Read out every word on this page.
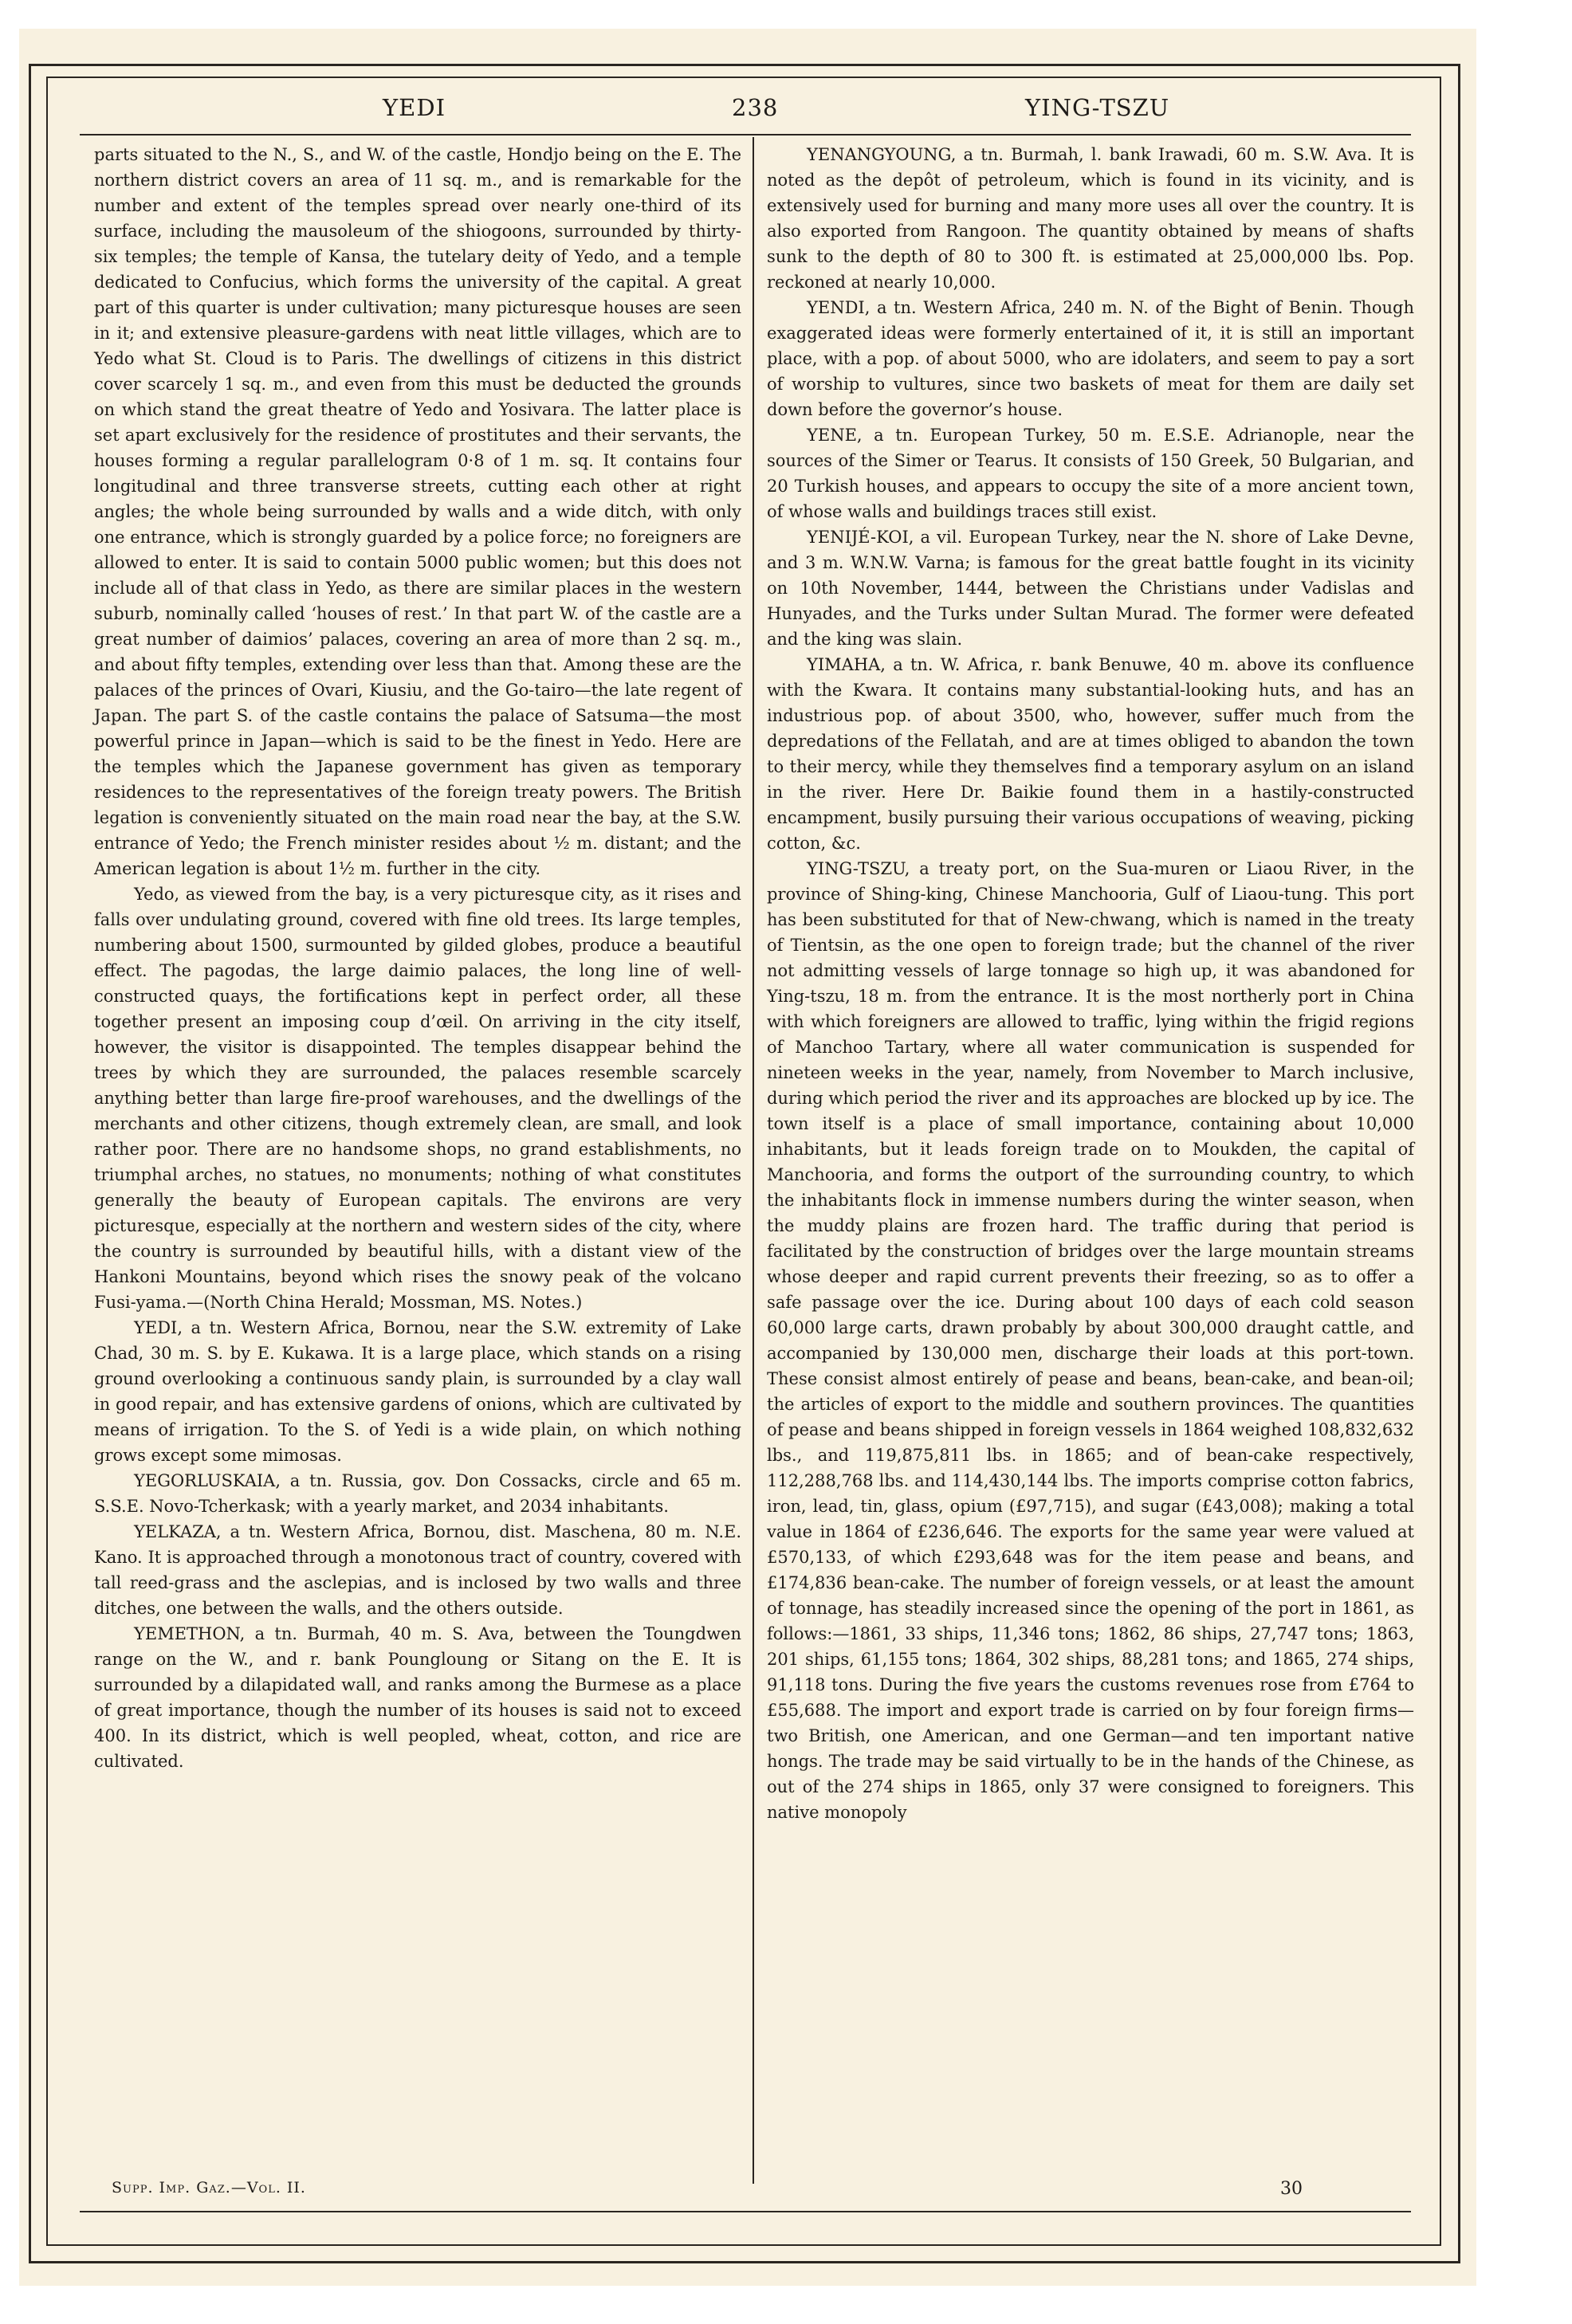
YEDI	238	YING-TSZU

parts situated to the N., S., and W. of the castle, Hondjo being on the E. The northern district covers an area of 11 sq. m., and is remarkable for the number and extent of the temples spread over nearly one-third of its surface, including the mausoleum of the shiogoons, surrounded by thirty-six temples; the temple of Kansa, the tutelary deity of Yedo, and a temple dedicated to Confucius, which forms the university of the capital. A great part of this quarter is under cultivation; many picturesque houses are seen in it; and extensive pleasure-gardens with neat little villages, which are to Yedo what St. Cloud is to Paris. The dwellings of citizens in this district cover scarcely 1 sq. m., and even from this must be deducted the grounds on which stand the great theatre of Yedo and Yosivara. The latter place is set apart exclusively for the residence of prostitutes and their servants, the houses forming a regular parallelogram 0·8 of 1 m. sq. It contains four longitudinal and three transverse streets, cutting each other at right angles; the whole being surrounded by walls and a wide ditch, with only one entrance, which is strongly guarded by a police force; no foreigners are allowed to enter. It is said to contain 5000 public women; but this does not include all of that class in Yedo, as there are similar places in the western suburb, nominally called ‘houses of rest.’ In that part W. of the castle are a great number of daimios’ palaces, covering an area of more than 2 sq. m., and about fifty temples, extending over less than that. Among these are the palaces of the princes of Ovari, Kiusiu, and the Go-tairo—the late regent of Japan. The part S. of the castle contains the palace of Satsuma—the most powerful prince in Japan—which is said to be the finest in Yedo. Here are the temples which the Japanese government has given as temporary residences to the representatives of the foreign treaty powers. The British legation is conveniently situated on the main road near the bay, at the S.W. entrance of Yedo; the French minister resides about ½ m. distant; and the American legation is about 1½ m. further in the city.

Yedo, as viewed from the bay, is a very picturesque city, as it rises and falls over undulating ground, covered with fine old trees. Its large temples, numbering about 1500, surmounted by gilded globes, produce a beautiful effect. The pagodas, the large daimio palaces, the long line of well-constructed quays, the fortifications kept in perfect order, all these together present an imposing coup d’œil. On arriving in the city itself, however, the visitor is disappointed. The temples disappear behind the trees by which they are surrounded, the palaces resemble scarcely anything better than large fire-proof warehouses, and the dwellings of the merchants and other citizens, though extremely clean, are small, and look rather poor. There are no handsome shops, no grand establishments, no triumphal arches, no statues, no monuments; nothing of what constitutes generally the beauty of European capitals. The environs are very picturesque, especially at the northern and western sides of the city, where the country is surrounded by beautiful hills, with a distant view of the Hankoni Mountains, beyond which rises the snowy peak of the volcano Fusi-yama.—(North China Herald; Mossman, MS. Notes.)

YEDI, a tn. Western Africa, Bornou, near the S.W. extremity of Lake Chad, 30 m. S. by E. Kukawa. It is a large place, which stands on a rising ground overlooking a continuous sandy plain, is surrounded by a clay wall in good repair, and has extensive gardens of onions, which are cultivated by means of irrigation. To the S. of Yedi is a wide plain, on which nothing grows except some mimosas.

YEGORLUSKAIA, a tn. Russia, gov. Don Cossacks, circle and 65 m. S.S.E. Novo-Tcherkask; with a yearly market, and 2034 inhabitants.

YELKAZA, a tn. Western Africa, Bornou, dist. Maschena, 80 m. N.E. Kano. It is approached through a monotonous tract of country, covered with tall reed-grass and the asclepias, and is inclosed by two walls and three ditches, one between the walls, and the others outside.

YEMETHON, a tn. Burmah, 40 m. S. Ava, between the Toungdwen range on the W., and r. bank Poungloung or Sitang on the E. It is surrounded by a dilapidated wall, and ranks among the Burmese as a place of great importance, though the number of its houses is said not to exceed 400. In its district, which is well peopled, wheat, cotton, and rice are cultivated.

YENANGYOUNG, a tn. Burmah, l. bank Irawadi, 60 m. S.W. Ava. It is noted as the depôt of petroleum, which is found in its vicinity, and is extensively used for burning and many more uses all over the country. It is also exported from Rangoon. The quantity obtained by means of shafts sunk to the depth of 80 to 300 ft. is estimated at 25,000,000 lbs. Pop. reckoned at nearly 10,000.

YENDI, a tn. Western Africa, 240 m. N. of the Bight of Benin. Though exaggerated ideas were formerly entertained of it, it is still an important place, with a pop. of about 5000, who are idolaters, and seem to pay a sort of worship to vultures, since two baskets of meat for them are daily set down before the governor’s house.

YENE, a tn. European Turkey, 50 m. E.S.E. Adrianople, near the sources of the Simer or Tearus. It consists of 150 Greek, 50 Bulgarian, and 20 Turkish houses, and appears to occupy the site of a more ancient town, of whose walls and buildings traces still exist.

YENIJÉ-KOI, a vil. European Turkey, near the N. shore of Lake Devne, and 3 m. W.N.W. Varna; is famous for the great battle fought in its vicinity on 10th November, 1444, between the Christians under Vadislas and Hunyades, and the Turks under Sultan Murad. The former were defeated and the king was slain.

YIMAHA, a tn. W. Africa, r. bank Benuwe, 40 m. above its confluence with the Kwara. It contains many substantial-looking huts, and has an industrious pop. of about 3500, who, however, suffer much from the depredations of the Fellatah, and are at times obliged to abandon the town to their mercy, while they themselves find a temporary asylum on an island in the river. Here Dr. Baikie found them in a hastily-constructed encampment, busily pursuing their various occupations of weaving, picking cotton, &c.

YING-TSZU, a treaty port, on the Sua-muren or Liaou River, in the province of Shing-king, Chinese Manchooria, Gulf of Liaou-tung. This port has been substituted for that of New-chwang, which is named in the treaty of Tientsin, as the one open to foreign trade; but the channel of the river not admitting vessels of large tonnage so high up, it was abandoned for Ying-tszu, 18 m. from the entrance. It is the most northerly port in China with which foreigners are allowed to traffic, lying within the frigid regions of Manchoo Tartary, where all water communication is suspended for nineteen weeks in the year, namely, from November to March inclusive, during which period the river and its approaches are blocked up by ice. The town itself is a place of small importance, containing about 10,000 inhabitants, but it leads foreign trade on to Moukden, the capital of Manchooria, and forms the outport of the surrounding country, to which the inhabitants flock in immense numbers during the winter season, when the muddy plains are frozen hard. The traffic during that period is facilitated by the construction of bridges over the large mountain streams whose deeper and rapid current prevents their freezing, so as to offer a safe passage over the ice. During about 100 days of each cold season 60,000 large carts, drawn probably by about 300,000 draught cattle, and accompanied by 130,000 men, discharge their loads at this port-town. These consist almost entirely of pease and beans, bean-cake, and bean-oil; the articles of export to the middle and southern provinces. The quantities of pease and beans shipped in foreign vessels in 1864 weighed 108,832,632 lbs., and 119,875,811 lbs. in 1865; and of bean-cake respectively, 112,288,768 lbs. and 114,430,144 lbs. The imports comprise cotton fabrics, iron, lead, tin, glass, opium (£97,715), and sugar (£43,008); making a total value in 1864 of £236,646. The exports for the same year were valued at £570,133, of which £293,648 was for the item pease and beans, and £174,836 bean-cake. The number of foreign vessels, or at least the amount of tonnage, has steadily increased since the opening of the port in 1861, as follows:—1861, 33 ships, 11,346 tons; 1862, 86 ships, 27,747 tons; 1863, 201 ships, 61,155 tons; 1864, 302 ships, 88,281 tons; and 1865, 274 ships, 91,118 tons. During the five years the customs revenues rose from £764 to £55,688. The import and export trade is carried on by four foreign firms—two British, one American, and one German—and ten important native hongs. The trade may be said virtually to be in the hands of the Chinese, as out of the 274 ships in 1865, only 37 were consigned to foreigners. This native monopoly

Supp. Imp. Gaz.—Vol. II.	30
